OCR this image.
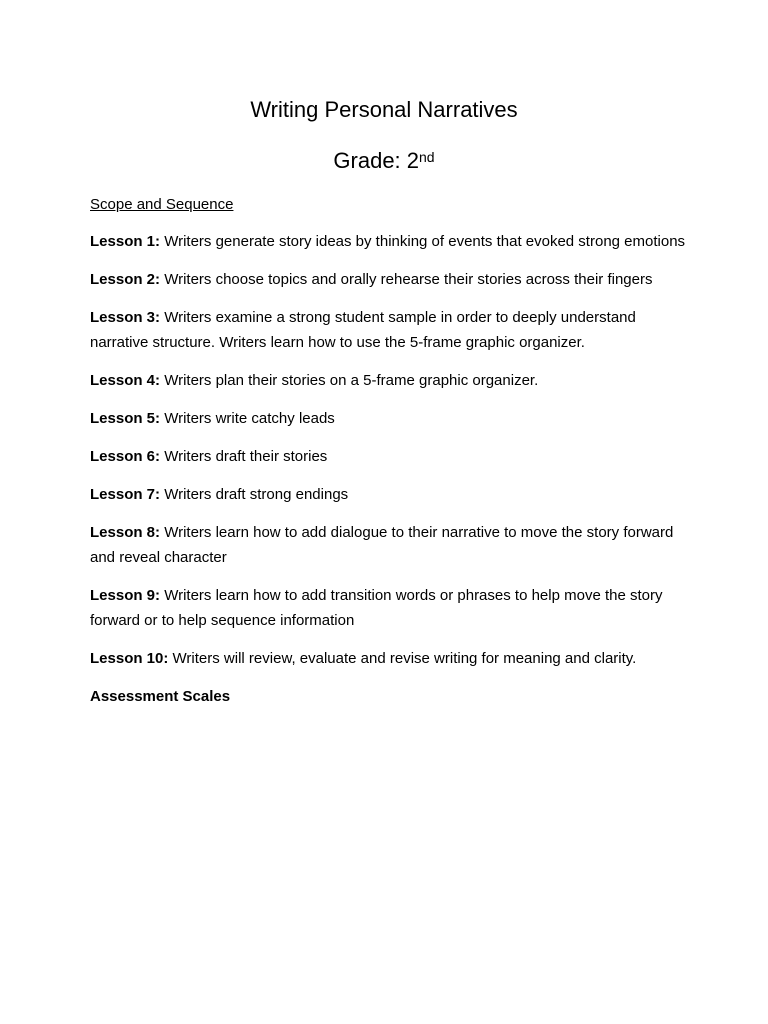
Writing Personal Narratives
Grade: 2nd

Scope and Sequence

Lesson 1: Writers generate story ideas by thinking of events that evoked strong emotions

Lesson 2: Writers choose topics and orally rehearse their stories across their fingers

Lesson 3: Writers examine a strong student sample in order to deeply understand narrative structure. Writers learn how to use the 5-frame graphic organizer.

Lesson 4: Writers plan their stories on a 5-frame graphic organizer.

Lesson 5: Writers write catchy leads

Lesson 6: Writers draft their stories

Lesson 7: Writers draft strong endings

Lesson 8: Writers learn how to add dialogue to their narrative to move the story forward and reveal character

Lesson 9: Writers learn how to add transition words or phrases to help move the story forward or to help sequence information

Lesson 10: Writers will review, evaluate and revise writing for meaning and clarity.

Assessment Scales
